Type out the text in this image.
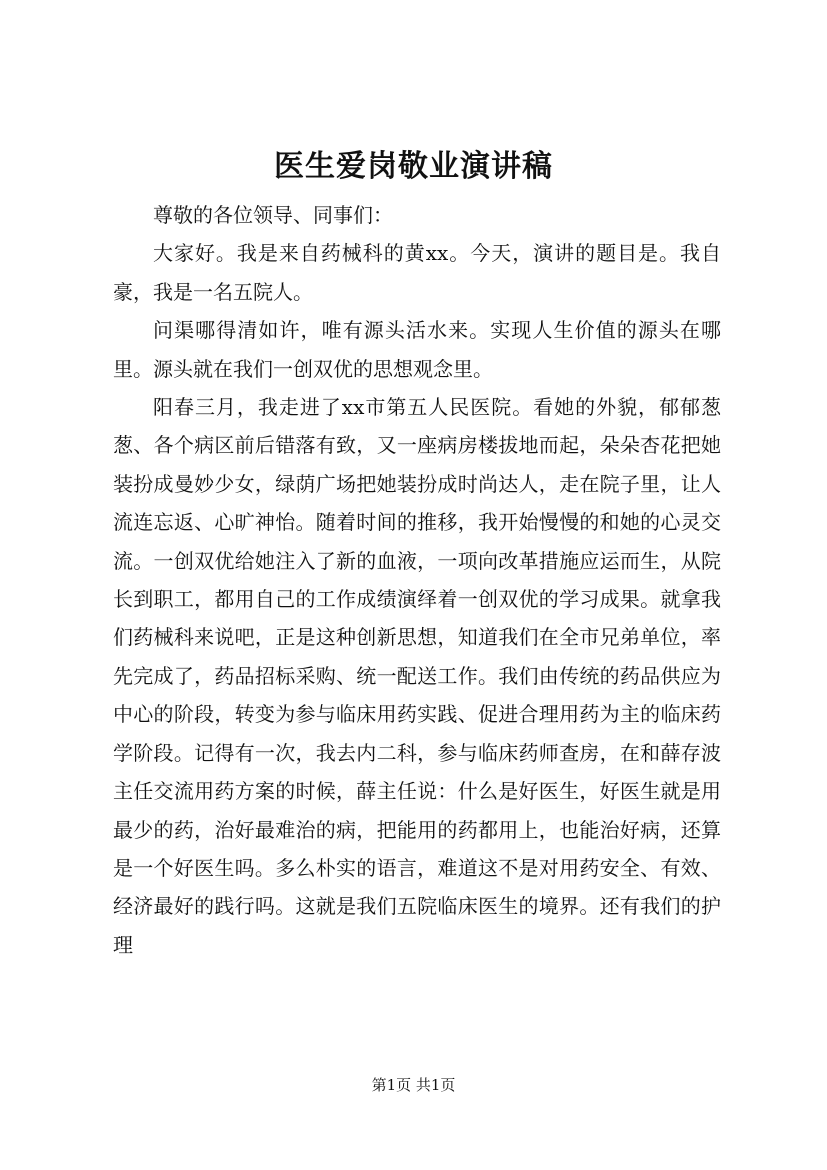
医生爱岗敬业演讲稿

尊敬的各位领导、同事们：

大家好。我是来自药械科的黄xx。今天，演讲的题目是。我自豪，我是一名五院人。

问渠哪得清如许，唯有源头活水来。实现人生价值的源头在哪里。源头就在我们一创双优的思想观念里。

阳春三月，我走进了xx市第五人民医院。看她的外貌，郁郁葱葱、各个病区前后错落有致，又一座病房楼拔地而起，朵朵杏花把她装扮成曼妙少女，绿荫广场把她装扮成时尚达人，走在院子里，让人流连忘返、心旷神怡。随着时间的推移，我开始慢慢的和她的心灵交流。一创双优给她注入了新的血液，一项向改革措施应运而生，从院长到职工，都用自己的工作成绩演绎着一创双优的学习成果。就拿我们药械科来说吧，正是这种创新思想，知道我们在全市兄弟单位，率先完成了，药品招标采购、统一配送工作。我们由传统的药品供应为中心的阶段，转变为参与临床用药实践、促进合理用药为主的临床药学阶段。记得有一次，我去内二科，参与临床药师查房，在和薛存波主任交流用药方案的时候，薛主任说：什么是好医生，好医生就是用最少的药，治好最难治的病，把能用的药都用上，也能治好病，还算是一个好医生吗。多么朴实的语言，难道这不是对用药安全、有效、经济最好的践行吗。这就是我们五院临床医生的境界。还有我们的护理

第1页 共1页
